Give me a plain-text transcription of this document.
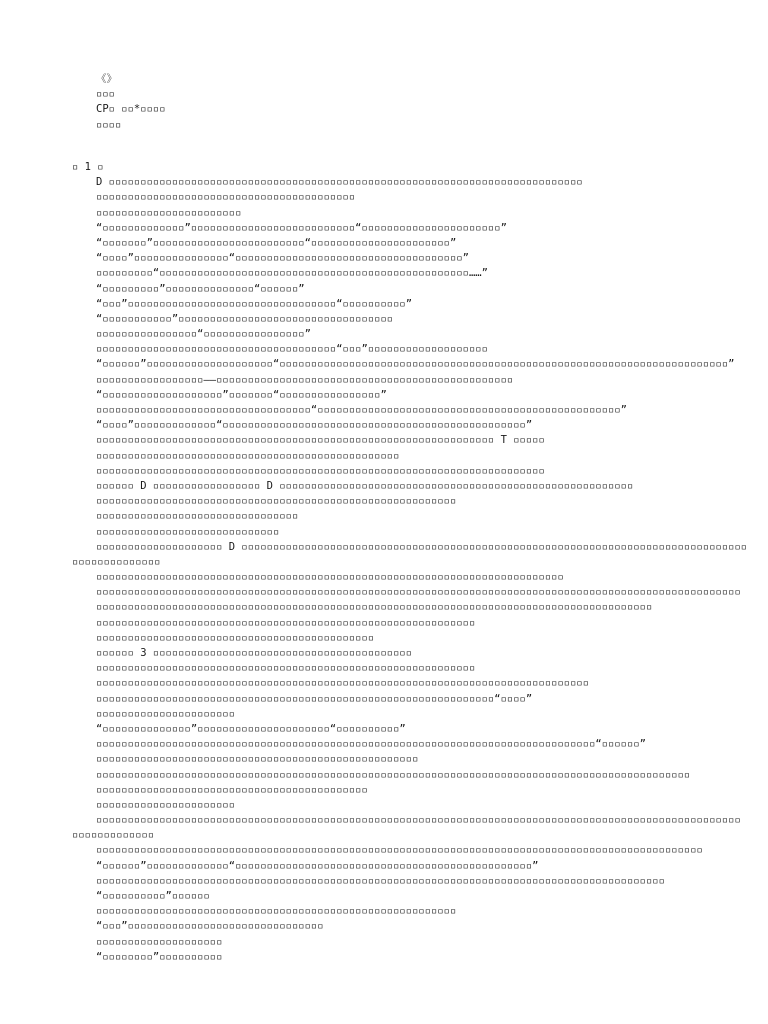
《》
▫▫▫
CP▫ ▫▫*▫▫▫▫
▫▫▫▫
▫ 1 ▫
D ▫▫▫▫▫▫▫▫▫▫▫▫▫▫▫▫▫▫▫▫▫▫▫▫▫▫▫▫▫▫▫▫▫▫▫▫▫▫▫▫▫▫▫▫▫▫▫▫▫▫▫▫▫▫▫▫▫▫▫▫▫▫▫▫▫▫▫▫▫▫▫▫▫▫▫
▫▫▫▫▫▫▫▫▫▫▫▫▫▫▫▫▫▫▫▫▫▫▫▫▫▫▫▫▫▫▫▫▫▫▫▫▫▫▫▫▫
▫▫▫▫▫▫▫▫▫▫▫▫▫▫▫▫▫▫▫▫▫▫▫
“▫▫▫▫▫▫▫▫▫▫▫▫▫”▫▫▫▫▫▫▫▫▫▫▫▫▫▫▫▫▫▫▫▫▫▫▫▫▫▫“▫▫▫▫▫▫▫▫▫▫▫▫▫▫▫▫▫▫▫▫▫▫”
“▫▫▫▫▫▫▫”▫▫▫▫▫▫▫▫▫▫▫▫▫▫▫▫▫▫▫▫▫▫▫▫“▫▫▫▫▫▫▫▫▫▫▫▫▫▫▫▫▫▫▫▫▫▫”
“▫▫▫▫”▫▫▫▫▫▫▫▫▫▫▫▫▫▫▫“▫▫▫▫▫▫▫▫▫▫▫▫▫▫▫▫▫▫▫▫▫▫▫▫▫▫▫▫▫▫▫▫▫▫▫▫”
▫▫▫▫▫▫▫▫▫“▫▫▫▫▫▫▫▫▫▫▫▫▫▫▫▫▫▫▫▫▫▫▫▫▫▫▫▫▫▫▫▫▫▫▫▫▫▫▫▫▫▫▫▫▫▫▫▫▫……”
“▫▫▫▫▫▫▫▫▫”▫▫▫▫▫▫▫▫▫▫▫▫▫▫“▫▫▫▫▫▫”
“▫▫▫”▫▫▫▫▫▫▫▫▫▫▫▫▫▫▫▫▫▫▫▫▫▫▫▫▫▫▫▫▫▫▫▫▫“▫▫▫▫▫▫▫▫▫▫”
“▫▫▫▫▫▫▫▫▫▫▫”▫▫▫▫▫▫▫▫▫▫▫▫▫▫▫▫▫▫▫▫▫▫▫▫▫▫▫▫▫▫▫▫▫▫
▫▫▫▫▫▫▫▫▫▫▫▫▫▫▫▫“▫▫▫▫▫▫▫▫▫▫▫▫▫▫▫▫”
▫▫▫▫▫▫▫▫▫▫▫▫▫▫▫▫▫▫▫▫▫▫▫▫▫▫▫▫▫▫▫▫▫▫▫▫▫▫“▫▫▫”▫▫▫▫▫▫▫▫▫▫▫▫▫▫▫▫▫▫▫
“▫▫▫▫▫▫”▫▫▫▫▫▫▫▫▫▫▫▫▫▫▫▫▫▫▫▫“▫▫▫▫▫▫▫▫▫▫▫▫▫▫▫▫▫▫▫▫▫▫▫▫▫▫▫▫▫▫▫▫▫▫▫▫▫▫▫▫▫▫▫▫▫▫▫▫▫▫▫▫▫▫▫▫▫▫▫▫▫▫▫▫▫▫▫▫▫▫▫”
▫▫▫▫▫▫▫▫▫▫▫▫▫▫▫▫▫——▫▫▫▫▫▫▫▫▫▫▫▫▫▫▫▫▫▫▫▫▫▫▫▫▫▫▫▫▫▫▫▫▫▫▫▫▫▫▫▫▫▫▫▫▫▫▫
“▫▫▫▫▫▫▫▫▫▫▫▫▫▫▫▫▫▫▫”▫▫▫▫▫▫▫“▫▫▫▫▫▫▫▫▫▫▫▫▫▫▫▫”
▫▫▫▫▫▫▫▫▫▫▫▫▫▫▫▫▫▫▫▫▫▫▫▫▫▫▫▫▫▫▫▫▫▫“▫▫▫▫▫▫▫▫▫▫▫▫▫▫▫▫▫▫▫▫▫▫▫▫▫▫▫▫▫▫▫▫▫▫▫▫▫▫▫▫▫▫▫▫▫▫▫▫”
“▫▫▫▫”▫▫▫▫▫▫▫▫▫▫▫▫▫“▫▫▫▫▫▫▫▫▫▫▫▫▫▫▫▫▫▫▫▫▫▫▫▫▫▫▫▫▫▫▫▫▫▫▫▫▫▫▫▫▫▫▫▫▫▫▫▫”
▫▫▫▫▫▫▫▫▫▫▫▫▫▫▫▫▫▫▫▫▫▫▫▫▫▫▫▫▫▫▫▫▫▫▫▫▫▫▫▫▫▫▫▫▫▫▫▫▫▫▫▫▫▫▫▫▫▫▫▫▫▫▫ T ▫▫▫▫▫
▫▫▫▫▫▫▫▫▫▫▫▫▫▫▫▫▫▫▫▫▫▫▫▫▫▫▫▫▫▫▫▫▫▫▫▫▫▫▫▫▫▫▫▫▫▫▫▫
▫▫▫▫▫▫▫▫▫▫▫▫▫▫▫▫▫▫▫▫▫▫▫▫▫▫▫▫▫▫▫▫▫▫▫▫▫▫▫▫▫▫▫▫▫▫▫▫▫▫▫▫▫▫▫▫▫▫▫▫▫▫▫▫▫▫▫▫▫▫▫
▫▫▫▫▫▫ D ▫▫▫▫▫▫▫▫▫▫▫▫▫▫▫▫▫ D ▫▫▫▫▫▫▫▫▫▫▫▫▫▫▫▫▫▫▫▫▫▫▫▫▫▫▫▫▫▫▫▫▫▫▫▫▫▫▫▫▫▫▫▫▫▫▫▫▫▫▫▫▫▫▫▫
▫▫▫▫▫▫▫▫▫▫▫▫▫▫▫▫▫▫▫▫▫▫▫▫▫▫▫▫▫▫▫▫▫▫▫▫▫▫▫▫▫▫▫▫▫▫▫▫▫▫▫▫▫▫▫▫▫
▫▫▫▫▫▫▫▫▫▫▫▫▫▫▫▫▫▫▫▫▫▫▫▫▫▫▫▫▫▫▫▫
▫▫▫▫▫▫▫▫▫▫▫▫▫▫▫▫▫▫▫▫▫▫▫▫▫▫▫▫▫
▫▫▫▫▫▫▫▫▫▫▫▫▫▫▫▫▫▫▫▫ D ▫▫▫▫▫▫▫▫▫▫▫▫▫▫▫▫▫▫▫▫▫▫▫▫▫▫▫▫▫▫▫▫▫▫▫▫▫▫▫▫▫▫▫▫▫▫▫▫▫▫▫▫▫▫▫▫▫▫▫▫▫▫▫▫▫▫▫▫▫▫▫▫▫▫▫▫▫▫▫▫
▫▫▫▫▫▫▫▫▫▫▫▫▫▫
▫▫▫▫▫▫▫▫▫▫▫▫▫▫▫▫▫▫▫▫▫▫▫▫▫▫▫▫▫▫▫▫▫▫▫▫▫▫▫▫▫▫▫▫▫▫▫▫▫▫▫▫▫▫▫▫▫▫▫▫▫▫▫▫▫▫▫▫▫▫▫▫▫▫
▫▫▫▫▫▫▫▫▫▫▫▫▫▫▫▫▫▫▫▫▫▫▫▫▫▫▫▫▫▫▫▫▫▫▫▫▫▫▫▫▫▫▫▫▫▫▫▫▫▫▫▫▫▫▫▫▫▫▫▫▫▫▫▫▫▫▫▫▫▫▫▫▫▫▫▫▫▫▫▫▫▫▫▫▫▫▫▫▫▫▫▫▫▫▫▫▫▫▫▫▫▫
▫▫▫▫▫▫▫▫▫▫▫▫▫▫▫▫▫▫▫▫▫▫▫▫▫▫▫▫▫▫▫▫▫▫▫▫▫▫▫▫▫▫▫▫▫▫▫▫▫▫▫▫▫▫▫▫▫▫▫▫▫▫▫▫▫▫▫▫▫▫▫▫▫▫▫▫▫▫▫▫▫▫▫▫▫▫▫▫
▫▫▫▫▫▫▫▫▫▫▫▫▫▫▫▫▫▫▫▫▫▫▫▫▫▫▫▫▫▫▫▫▫▫▫▫▫▫▫▫▫▫▫▫▫▫▫▫▫▫▫▫▫▫▫▫▫▫▫▫
▫▫▫▫▫▫▫▫▫▫▫▫▫▫▫▫▫▫▫▫▫▫▫▫▫▫▫▫▫▫▫▫▫▫▫▫▫▫▫▫▫▫▫▫
▫▫▫▫▫▫ 3 ▫▫▫▫▫▫▫▫▫▫▫▫▫▫▫▫▫▫▫▫▫▫▫▫▫▫▫▫▫▫▫▫▫▫▫▫▫▫▫▫▫
▫▫▫▫▫▫▫▫▫▫▫▫▫▫▫▫▫▫▫▫▫▫▫▫▫▫▫▫▫▫▫▫▫▫▫▫▫▫▫▫▫▫▫▫▫▫▫▫▫▫▫▫▫▫▫▫▫▫▫▫
▫▫▫▫▫▫▫▫▫▫▫▫▫▫▫▫▫▫▫▫▫▫▫▫▫▫▫▫▫▫▫▫▫▫▫▫▫▫▫▫▫▫▫▫▫▫▫▫▫▫▫▫▫▫▫▫▫▫▫▫▫▫▫▫▫▫▫▫▫▫▫▫▫▫▫▫▫▫
▫▫▫▫▫▫▫▫▫▫▫▫▫▫▫▫▫▫▫▫▫▫▫▫▫▫▫▫▫▫▫▫▫▫▫▫▫▫▫▫▫▫▫▫▫▫▫▫▫▫▫▫▫▫▫▫▫▫▫▫▫▫▫“▫▫▫▫”
▫▫▫▫▫▫▫▫▫▫▫▫▫▫▫▫▫▫▫▫▫▫
“▫▫▫▫▫▫▫▫▫▫▫▫▫▫”▫▫▫▫▫▫▫▫▫▫▫▫▫▫▫▫▫▫▫▫▫“▫▫▫▫▫▫▫▫▫▫”
▫▫▫▫▫▫▫▫▫▫▫▫▫▫▫▫▫▫▫▫▫▫▫▫▫▫▫▫▫▫▫▫▫▫▫▫▫▫▫▫▫▫▫▫▫▫▫▫▫▫▫▫▫▫▫▫▫▫▫▫▫▫▫▫▫▫▫▫▫▫▫▫▫▫▫▫▫▫▫“▫▫▫▫▫▫”
▫▫▫▫▫▫▫▫▫▫▫▫▫▫▫▫▫▫▫▫▫▫▫▫▫▫▫▫▫▫▫▫▫▫▫▫▫▫▫▫▫▫▫▫▫▫▫▫▫▫▫
▫▫▫▫▫▫▫▫▫▫▫▫▫▫▫▫▫▫▫▫▫▫▫▫▫▫▫▫▫▫▫▫▫▫▫▫▫▫▫▫▫▫▫▫▫▫▫▫▫▫▫▫▫▫▫▫▫▫▫▫▫▫▫▫▫▫▫▫▫▫▫▫▫▫▫▫▫▫▫▫▫▫▫▫▫▫▫▫▫▫▫▫▫▫
▫▫▫▫▫▫▫▫▫▫▫▫▫▫▫▫▫▫▫▫▫▫▫▫▫▫▫▫▫▫▫▫▫▫▫▫▫▫▫▫▫▫▫
▫▫▫▫▫▫▫▫▫▫▫▫▫▫▫▫▫▫▫▫▫▫
▫▫▫▫▫▫▫▫▫▫▫▫▫▫▫▫▫▫▫▫▫▫▫▫▫▫▫▫▫▫▫▫▫▫▫▫▫▫▫▫▫▫▫▫▫▫▫▫▫▫▫▫▫▫▫▫▫▫▫▫▫▫▫▫▫▫▫▫▫▫▫▫▫▫▫▫▫▫▫▫▫▫▫▫▫▫▫▫▫▫▫▫▫▫▫▫▫▫▫▫▫▫
▫▫▫▫▫▫▫▫▫▫▫▫▫
▫▫▫▫▫▫▫▫▫▫▫▫▫▫▫▫▫▫▫▫▫▫▫▫▫▫▫▫▫▫▫▫▫▫▫▫▫▫▫▫▫▫▫▫▫▫▫▫▫▫▫▫▫▫▫▫▫▫▫▫▫▫▫▫▫▫▫▫▫▫▫▫▫▫▫▫▫▫▫▫▫▫▫▫▫▫▫▫▫▫▫▫▫▫▫▫
“▫▫▫▫▫▫”▫▫▫▫▫▫▫▫▫▫▫▫▫“▫▫▫▫▫▫▫▫▫▫▫▫▫▫▫▫▫▫▫▫▫▫▫▫▫▫▫▫▫▫▫▫▫▫▫▫▫▫▫▫▫▫▫▫▫▫▫”
▫▫▫▫▫▫▫▫▫▫▫▫▫▫▫▫▫▫▫▫▫▫▫▫▫▫▫▫▫▫▫▫▫▫▫▫▫▫▫▫▫▫▫▫▫▫▫▫▫▫▫▫▫▫▫▫▫▫▫▫▫▫▫▫▫▫▫▫▫▫▫▫▫▫▫▫▫▫▫▫▫▫▫▫▫▫▫▫▫▫
“▫▫▫▫▫▫▫▫▫▫”▫▫▫▫▫▫
▫▫▫▫▫▫▫▫▫▫▫▫▫▫▫▫▫▫▫▫▫▫▫▫▫▫▫▫▫▫▫▫▫▫▫▫▫▫▫▫▫▫▫▫▫▫▫▫▫▫▫▫▫▫▫▫▫
“▫▫▫”▫▫▫▫▫▫▫▫▫▫▫▫▫▫▫▫▫▫▫▫▫▫▫▫▫▫▫▫▫▫▫
▫▫▫▫▫▫▫▫▫▫▫▫▫▫▫▫▫▫▫▫
“▫▫▫▫▫▫▫▫”▫▫▫▫▫▫▫▫▫▫
